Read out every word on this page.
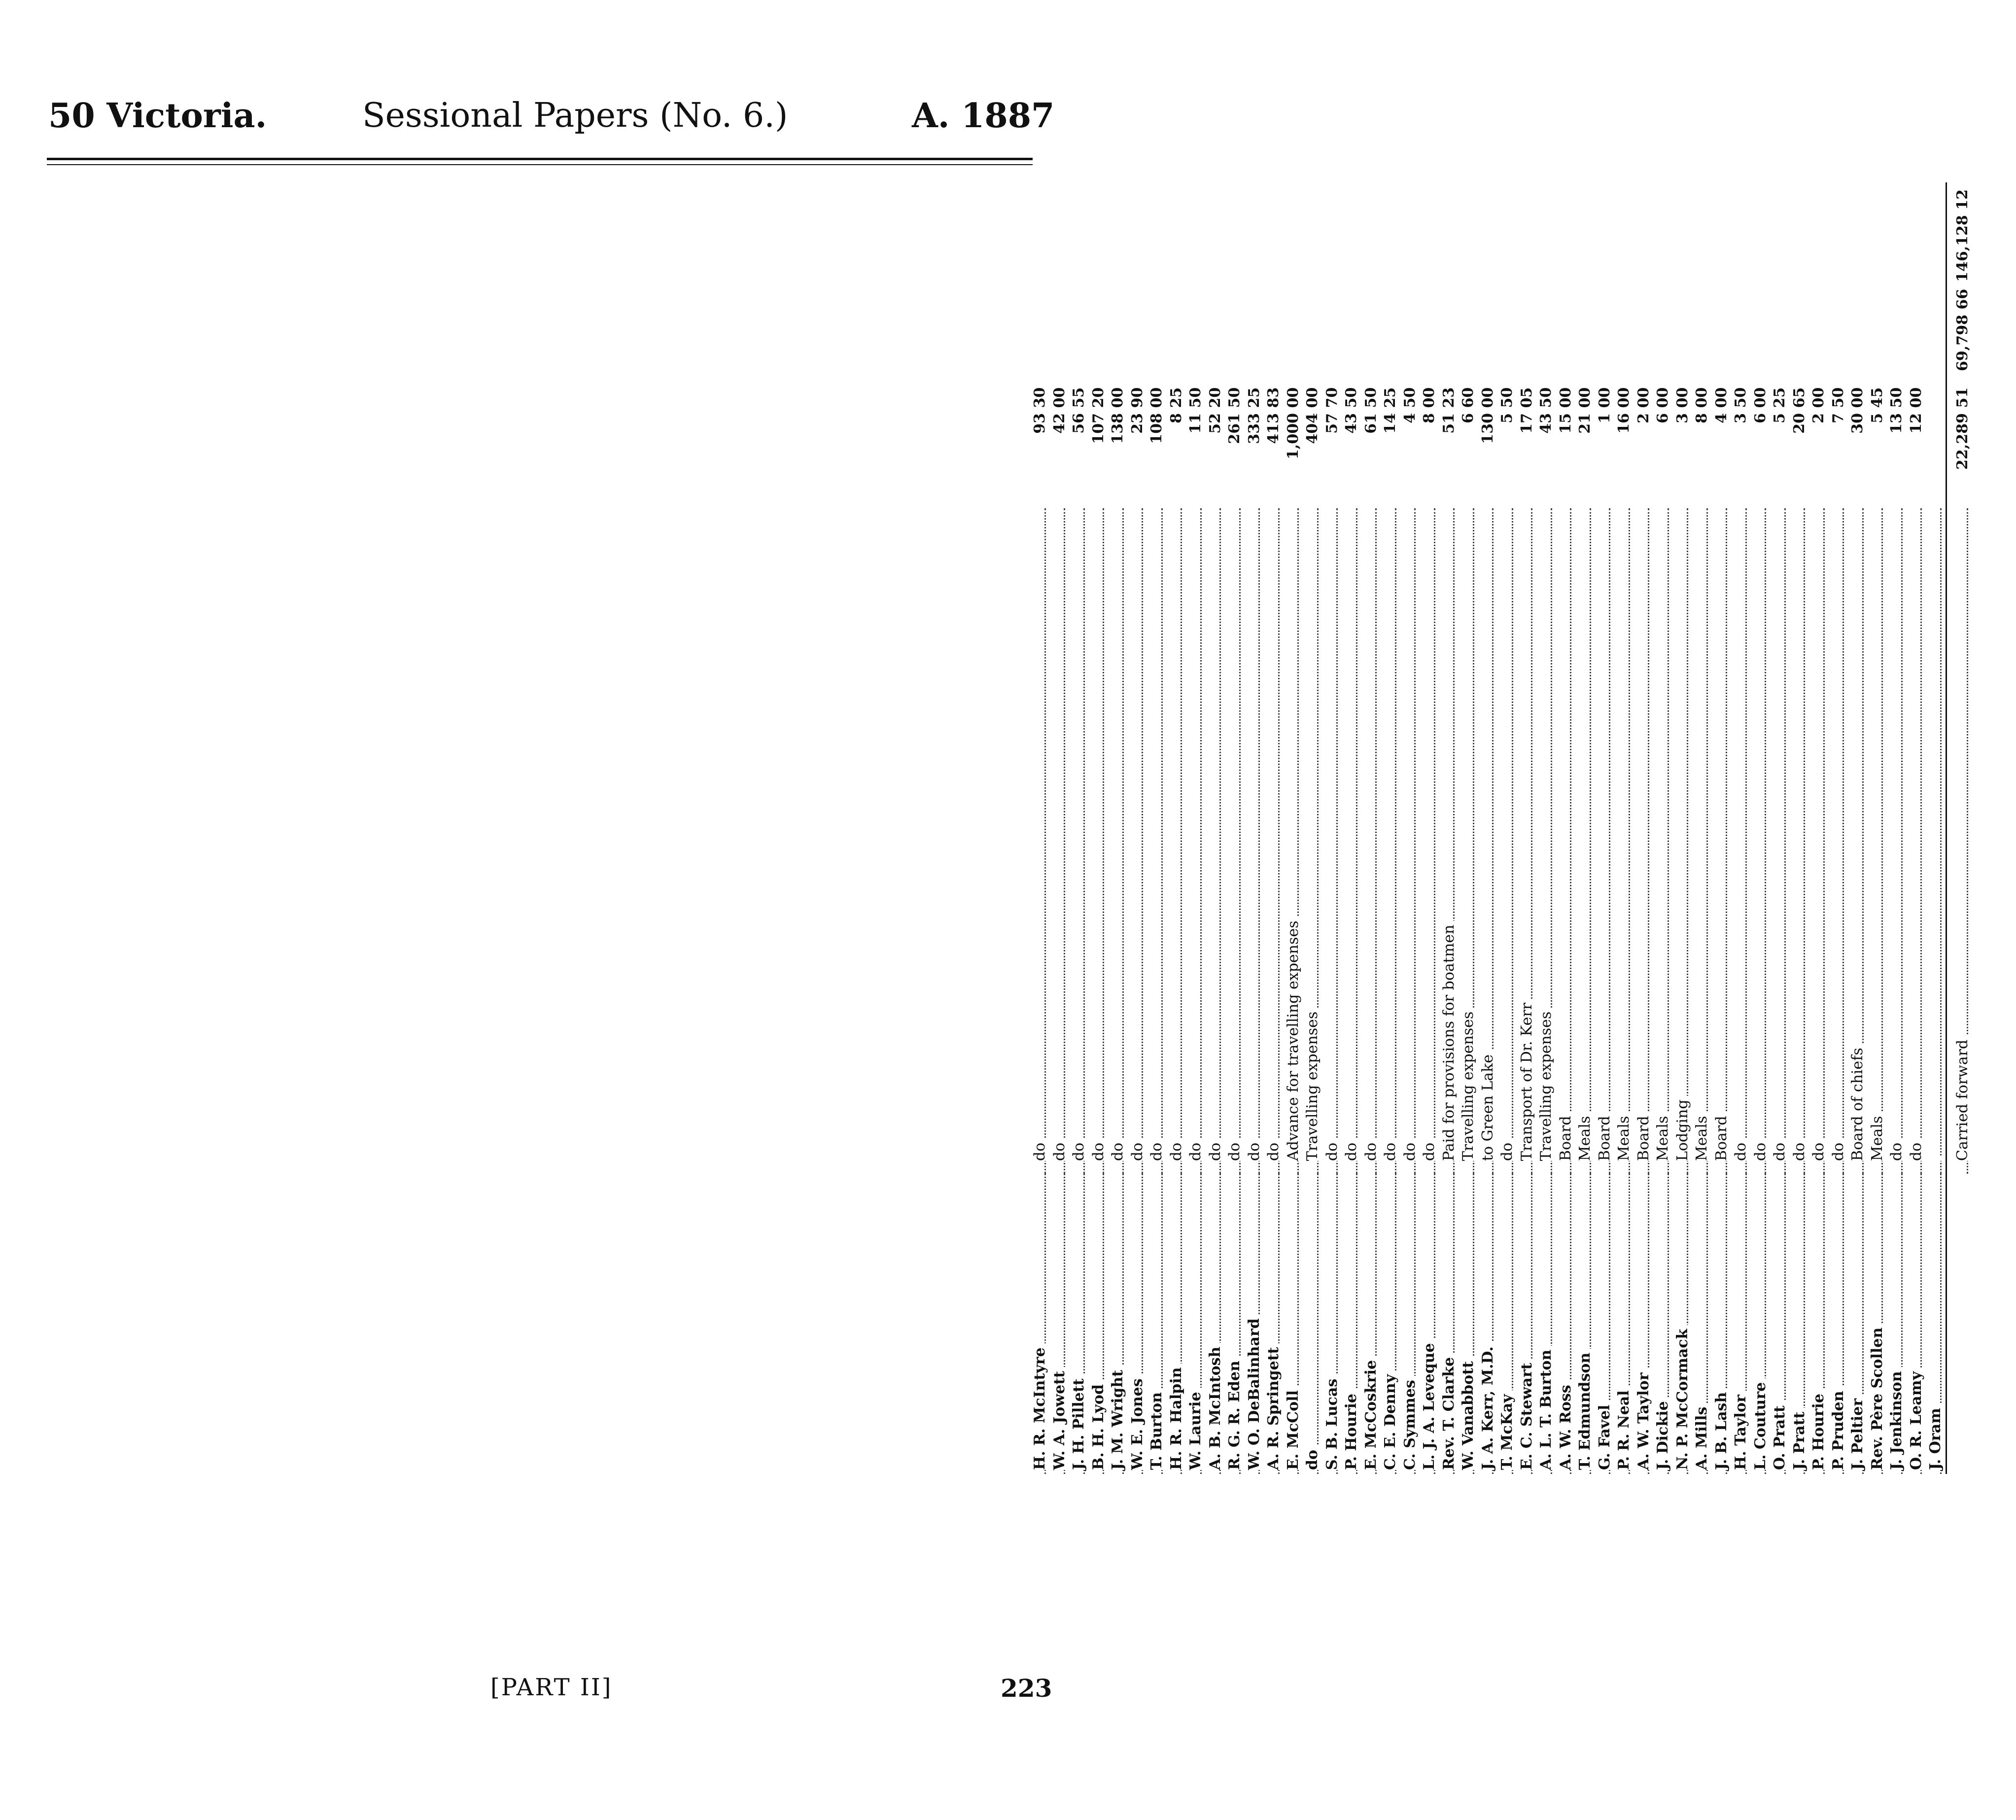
50 Victoria.	Sessional Papers (No. 6.)	A. 1887
H. R. McIntyre	do	93 30		

W. A. Jowett	do	42 00		

J. H. Pillett	do	56 55		

B. H. Lyod	do	107 20		

J. M. Wright	do	138 00		

W. E. Jones	do	23 90		

T. Burton	do	108 00		

H. R. Halpin	do	8 25		

W. Laurie	do	11 50		

A. B. McIntosh	do	52 20		

R. G. R. Eden	do	261 50		

W. O. DeBalinhard	do	333 25		

A. R. Springett	do	413 83		

E. McColl	Advance for travelling expenses	1,000 00		

do	Travelling expenses	404 00		

S. B. Lucas	do	57 70		

P. Hourie	do	43 50		

E. McCoskrie	do	61 50		

C. E. Denny	do	14 25		

C. Symmes	do	4 50		

L. J. A. Leveque	do	8 00		

Rev. T. Clarke	Paid for provisions for boatmen	51 23		

W. Vanabbott	Travelling expenses	6 60		

J. A. Kerr, M.D.	to Green Lake	130 00		

T. McKay	do	5 50		

E. C. Stewart	Transport of Dr. Kerr	17 05		

A. L. T. Burton	Travelling expenses	43 50		

A. W. Ross	Board	15 00		

T. Edmundson	Meals	21 00		

G. Favel	Board	1 00		

P. R. Neal	Meals	16 00		

A. W. Taylor	Board	2 00		

J. Dickie	Meals	6 00		

N. P. McCormack	Lodging	3 00		

A. Mills	Meals	8 00		

J. B. Lash	Board	4 00		

H. Taylor	do	3 50		

L. Couture	do	6 00		

O. Pratt	do	5 25		

J. Pratt	do	20 65		

P. Hourie	do	2 00		

P. Pruden	do	7 50		

J. Peltier	Board of chiefs	30 00		

Rev. Père Scollen	Meals	5 45		

J. Jenkinson	do	13 50		

O. R. Leamy	do	12 00		

J. Oram	

Carried forward	22,289 51	69,798 66	146,128 12
[PART II]	223
